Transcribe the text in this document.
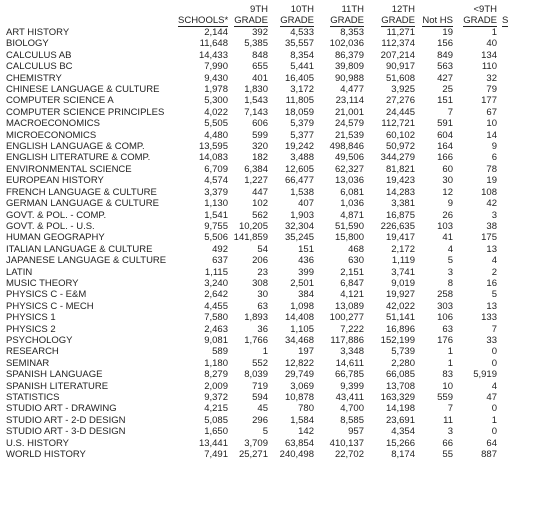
		9TH	10TH	11TH	12TH		<9TH	
	SCHOOLS*	GRADE	GRADE	GRADE	GRADE	Not HS	GRADE	S
ART HISTORY	2,144	392	4,533	8,353	11,271	19	1	
BIOLOGY	11,648	5,385	35,557	102,036	112,374	156	40	
CALCULUS AB	14,433	848	8,354	86,379	207,214	849	134	
CALCULUS BC	7,990	655	5,441	39,809	90,917	563	110	
CHEMISTRY	9,430	401	16,405	90,988	51,608	427	32	
CHINESE LANGUAGE & CULTURE	1,978	1,830	3,172	4,477	3,925	25	79	
COMPUTER SCIENCE A	5,300	1,543	11,805	23,114	27,276	151	177	
COMPUTER SCIENCE PRINCIPLES	4,022	7,143	18,059	21,001	24,445	7	67	
MACROECONOMICS	5,505	606	5,379	24,579	112,721	591	10	
MICROECONOMICS	4,480	599	5,377	21,539	60,102	604	14	
ENGLISH LANGUAGE & COMP.	13,595	320	19,242	498,846	50,972	164	9	
ENGLISH LITERATURE & COMP.	14,083	182	3,488	49,506	344,279	166	6	
ENVIRONMENTAL SCIENCE	6,709	6,384	12,605	62,327	81,821	60	78	
EUROPEAN HISTORY	4,574	1,227	66,477	13,036	19,423	30	19	
FRENCH LANGUAGE & CULTURE	3,379	447	1,538	6,081	14,283	12	108	
GERMAN LANGUAGE & CULTURE	1,130	102	407	1,036	3,381	9	42	
GOVT. & POL. - COMP.	1,541	562	1,903	4,871	16,875	26	3	
GOVT. & POL. - U.S.	9,755	10,205	32,304	51,590	226,635	103	38	
HUMAN GEOGRAPHY	5,506	141,859	35,245	15,800	19,417	41	175	
ITALIAN LANGUAGE & CULTURE	492	54	151	468	2,172	4	13	
JAPANESE LANGUAGE & CULTURE	637	206	436	630	1,119	5	4	
LATIN	1,115	23	399	2,151	3,741	3	2	
MUSIC THEORY	3,240	308	2,501	6,847	9,019	8	16	
PHYSICS C - E&M	2,642	30	384	4,121	19,927	258	5	
PHYSICS C - MECH	4,455	63	1,098	13,089	42,022	303	13	
PHYSICS 1	7,580	1,893	14,408	100,277	51,141	106	133	
PHYSICS 2	2,463	36	1,105	7,222	16,896	63	7	
PSYCHOLOGY	9,081	1,766	34,468	117,886	152,199	176	33	
RESEARCH	589	1	197	3,348	5,739	1	0	
SEMINAR	1,180	552	12,822	14,611	2,280	1	0	
SPANISH LANGUAGE	8,279	8,039	29,749	66,785	66,085	83	5,919	
SPANISH LITERATURE	2,009	719	3,069	9,399	13,708	10	4	
STATISTICS	9,372	594	10,878	43,411	163,329	559	47	
STUDIO ART - DRAWING	4,215	45	780	4,700	14,198	7	0	
STUDIO ART - 2-D DESIGN	5,085	296	1,584	8,585	23,691	11	1	
STUDIO ART - 3-D DESIGN	1,650	5	142	957	4,354	3	0	
U.S. HISTORY	13,441	3,709	63,854	410,137	15,266	66	64	
WORLD HISTORY	7,491	25,271	240,498	22,702	8,174	55	887	
